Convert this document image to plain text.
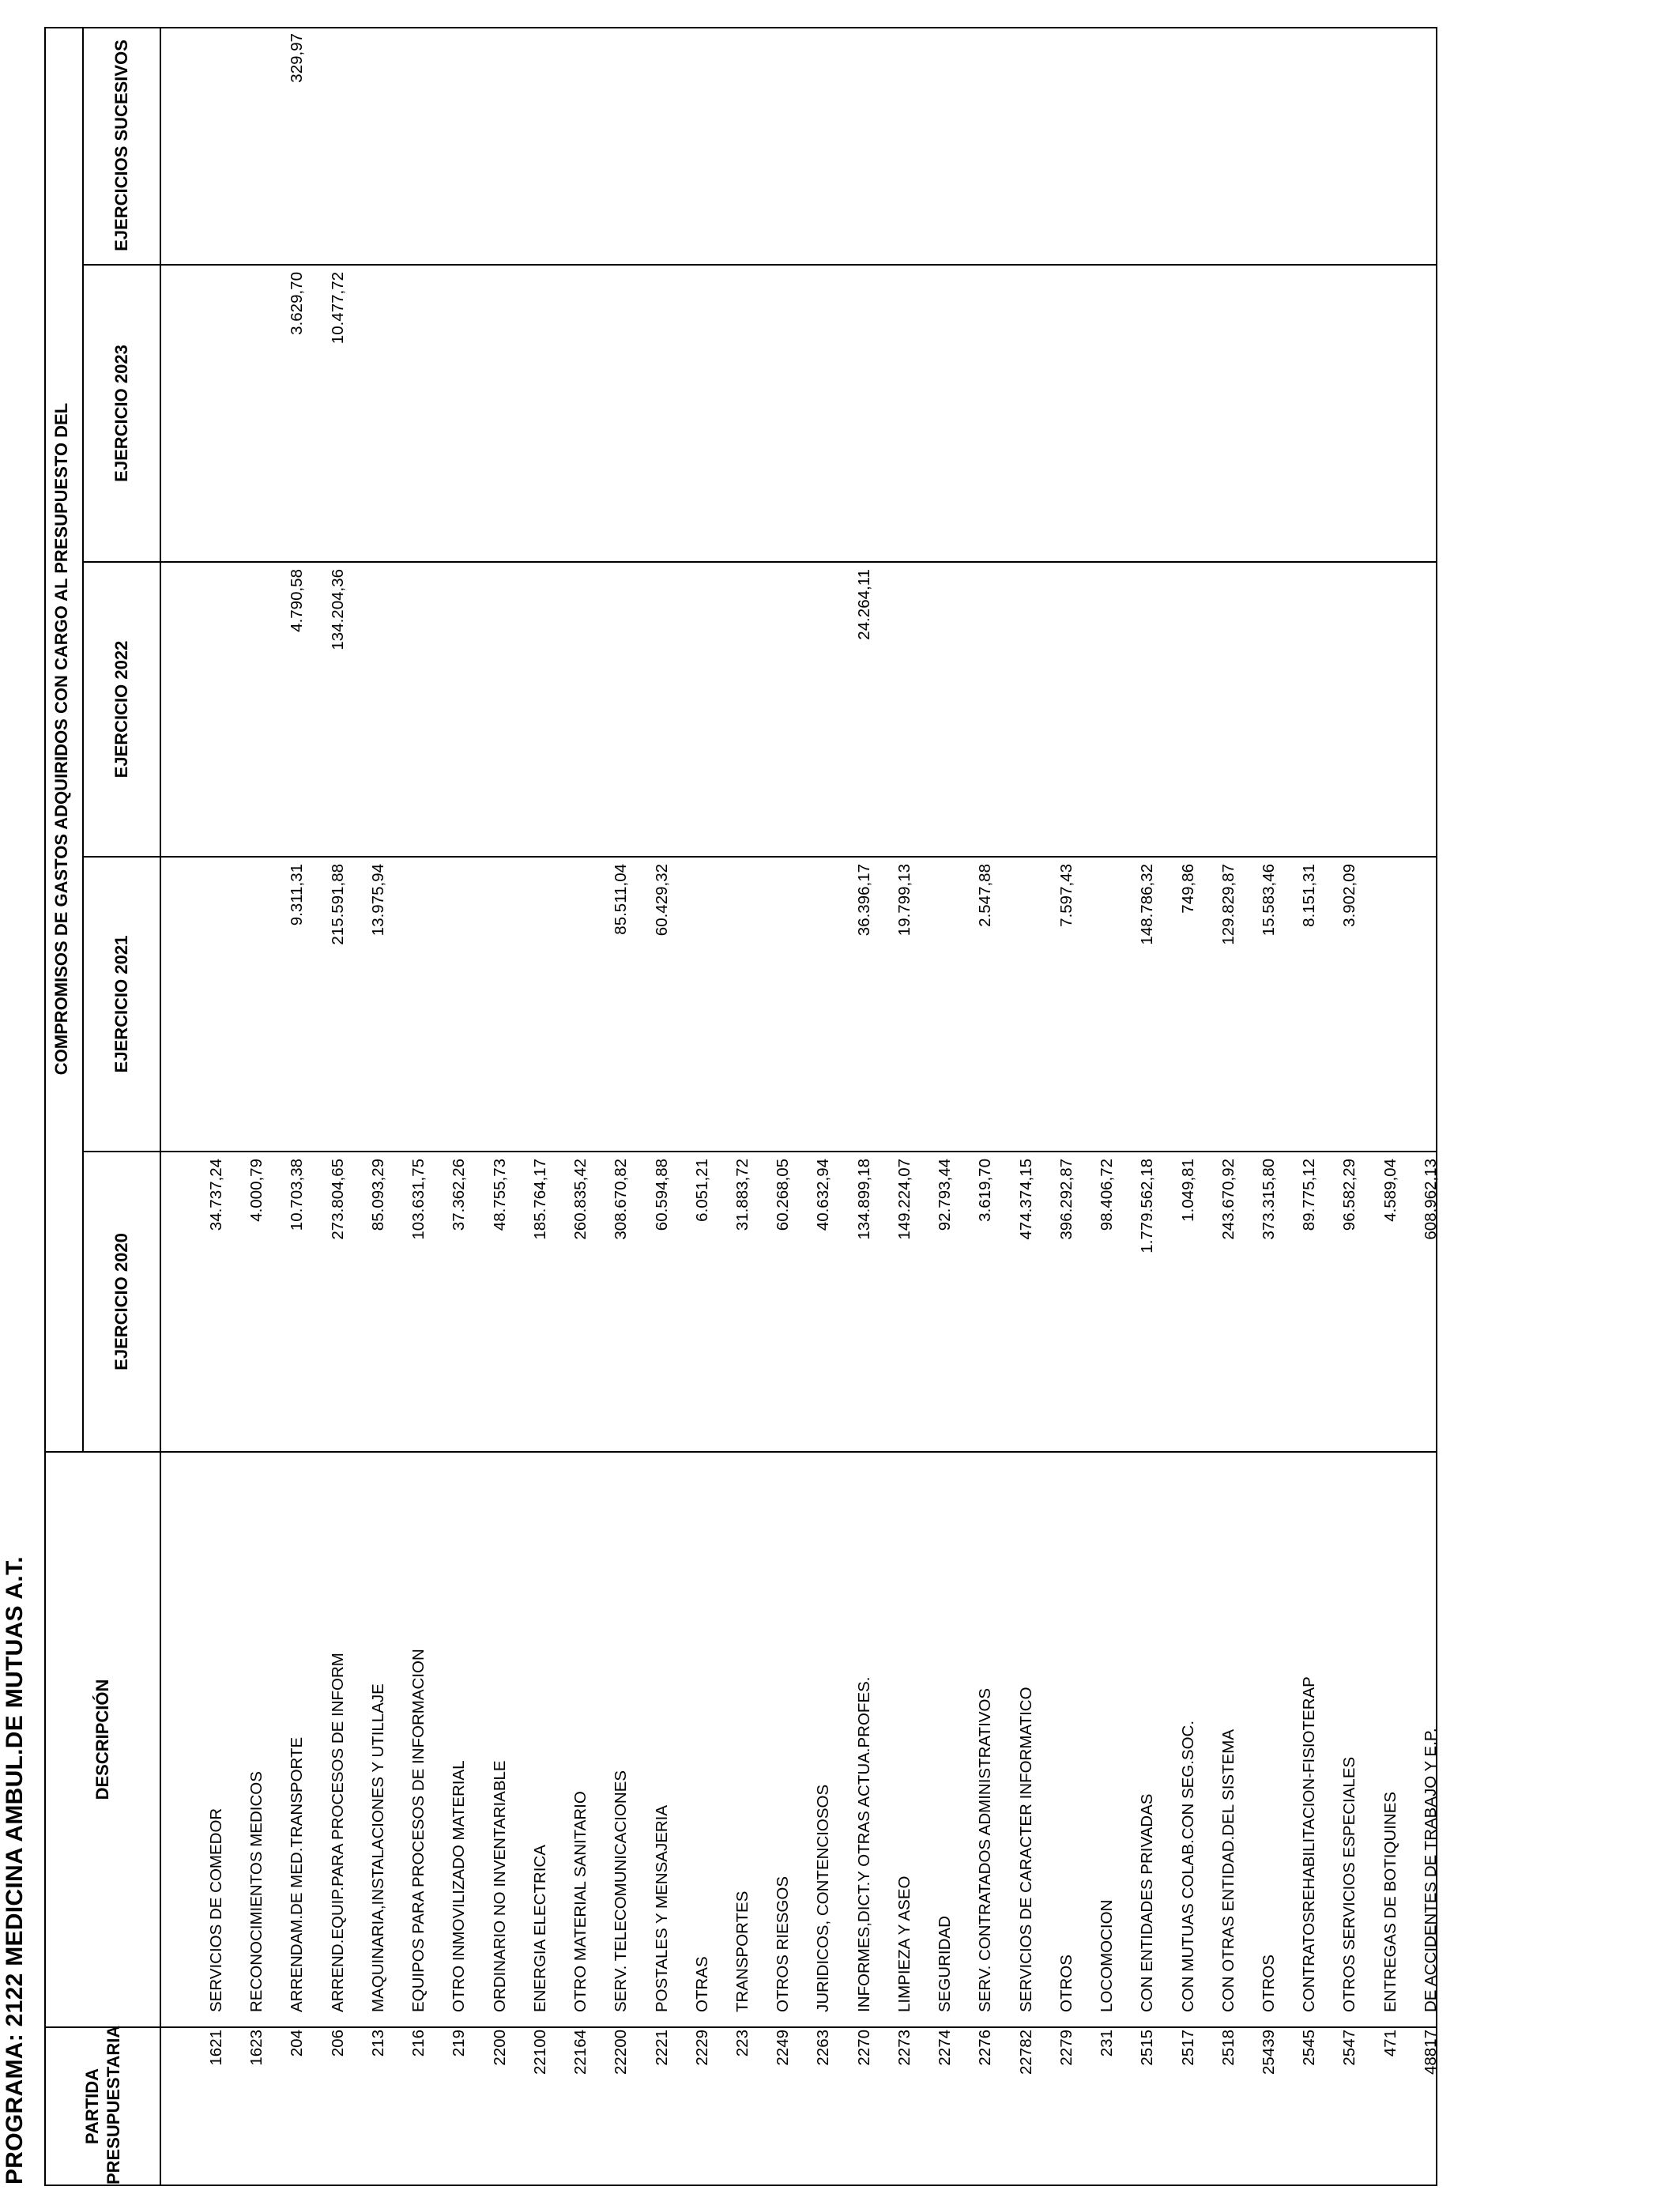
PROGRAMA: 2122 MEDICINA AMBUL.DE MUTUAS A.T.	PARTIDA PRESUPUESTARIA
DESCRIPCIÓN
COMPROMISOS DE GASTOS ADQUIRIDOS CON CARGO AL PRESUPUESTO DEL
EJERCICIO 2020
EJERCICIO 2021
EJERCICIO 2022
EJERCICIO 2023
EJERCICIOS SUCESIVOS
1621
SERVICIOS DE COMEDOR
34.737,24
1623
RECONOCIMIENTOS MEDICOS
4.000,79
204
ARRENDAM.DE MED.TRANSPORTE
10.703,38
9.311,31
4.790,58
3.629,70
329,97
206
ARREND.EQUIP.PARA PROCESOS DE INFORM
273.804,65
215.591,88
134.204,36
10.477,72
213
MAQUINARIA,INSTALACIONES Y UTILLAJE
85.093,29
13.975,94
216
EQUIPOS PARA PROCESOS DE INFORMACION
103.631,75
219
OTRO INMOVILIZADO MATERIAL
37.362,26
2200
ORDINARIO NO INVENTARIABLE
48.755,73
22100
ENERGIA ELECTRICA
185.764,17
22164
OTRO MATERIAL SANITARIO
260.835,42
22200
SERV. TELECOMUNICACIONES
308.670,82
85.511,04
2221
POSTALES Y MENSAJERIA
60.594,88
60.429,32
2229
OTRAS
6.051,21
223
TRANSPORTES
31.883,72
2249
OTROS RIESGOS
60.268,05
2263
JURIDICOS, CONTENCIOSOS
40.632,94
2270
INFORMES,DICT.Y OTRAS ACTUA.PROFES.
134.899,18
36.396,17
24.264,11
2273
LIMPIEZA Y ASEO
149.224,07
19.799,13
2274
SEGURIDAD
92.793,44
2276
SERV. CONTRATADOS ADMINISTRATIVOS
3.619,70
2.547,88
22782
SERVICIOS DE CARACTER INFORMATICO
474.374,15
2279
OTROS
396.292,87
7.597,43
231
LOCOMOCION
98.406,72
2515
CON ENTIDADES PRIVADAS
1.779.562,18
148.786,32
2517
CON MUTUAS COLAB.CON SEG.SOC.
1.049,81
749,86
2518
CON OTRAS ENTIDAD.DEL SISTEMA
243.670,92
129.829,87
25439
OTROS
373.315,80
15.583,46
2545
CONTRATOSREHABILITACION-FISIOTERAP
89.775,12
8.151,31
2547
OTROS SERVICIOS ESPECIALES
96.582,29
3.902,09
471
ENTREGAS DE BOTIQUINES
4.589,04
48817
DE ACCIDENTES DE TRABAJO Y E.P.
608.962,13
